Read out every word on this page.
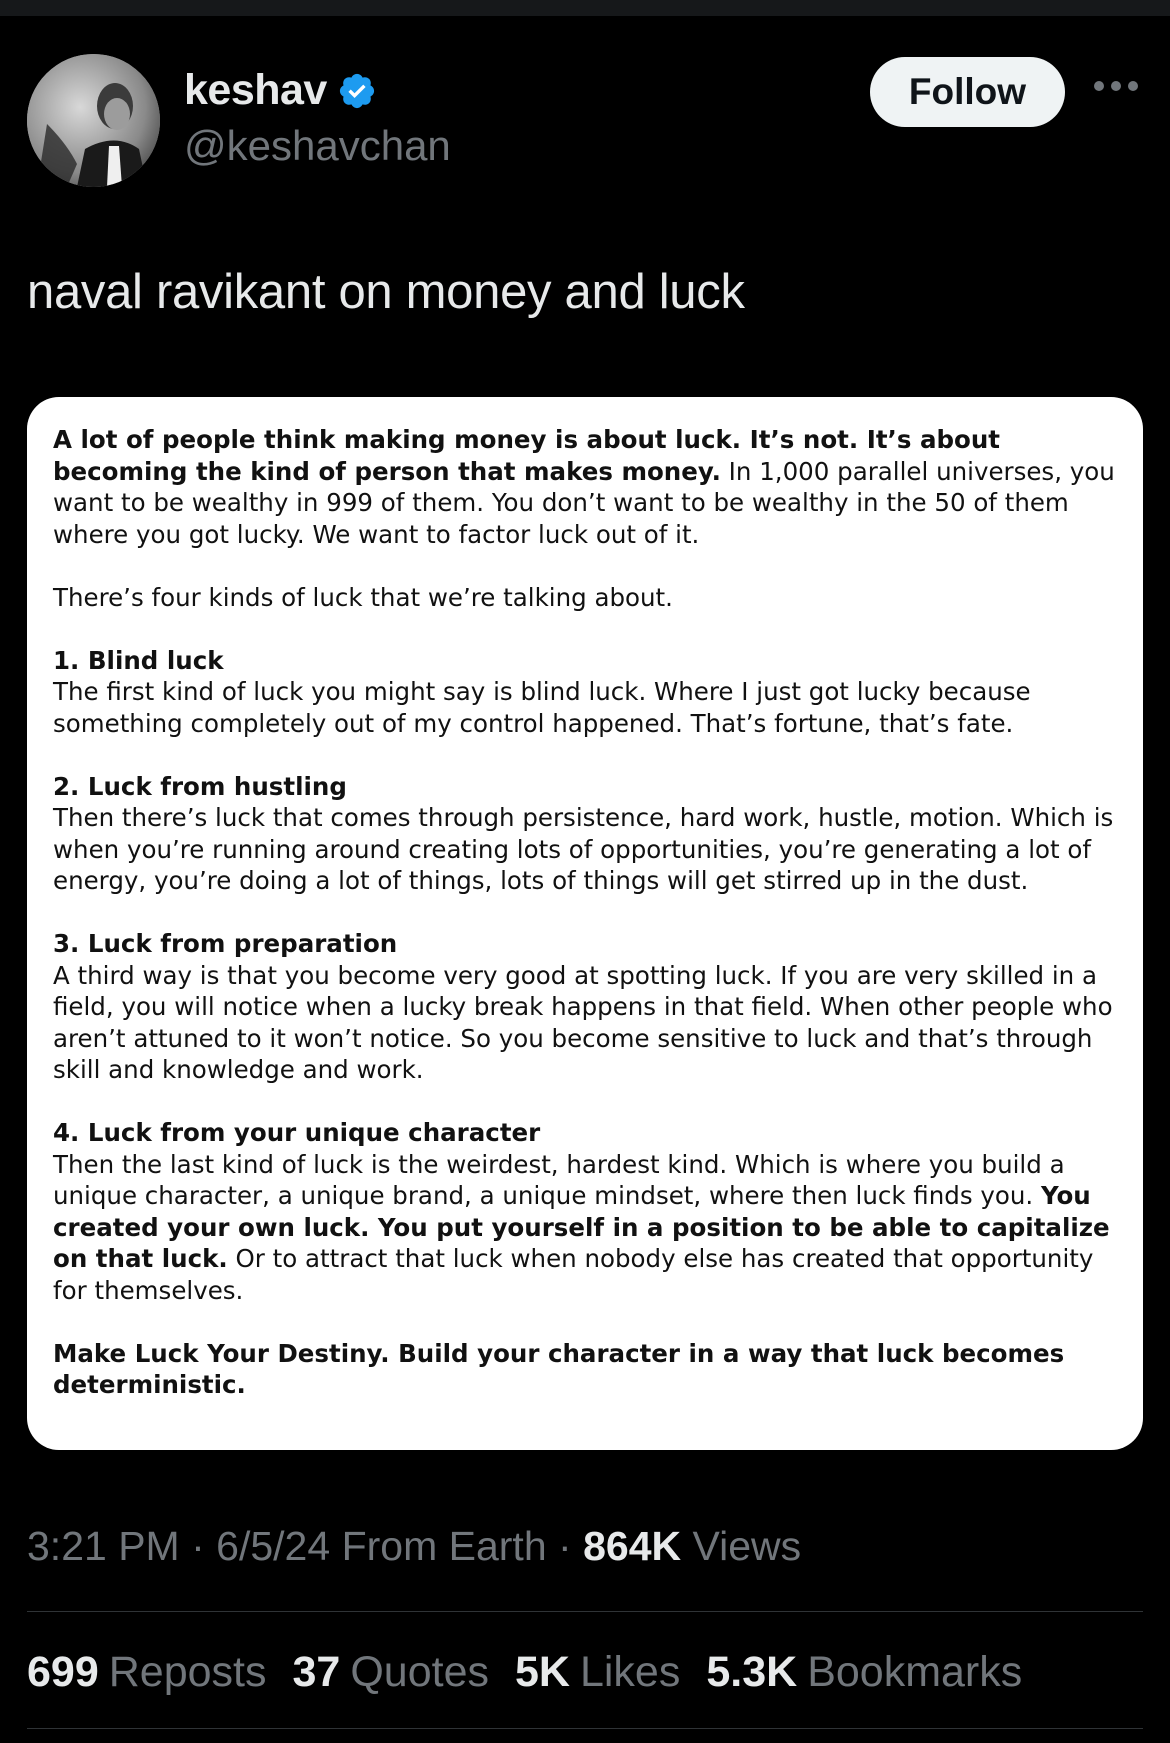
keshav
@keshavchan
Follow
naval ravikant on money and luck

A lot of people think making money is about luck. It’s not. It’s about becoming the kind of person that makes money. In 1,000 parallel universes, you want to be wealthy in 999 of them. You don’t want to be wealthy in the 50 of them where you got lucky. We want to factor luck out of it.

There’s four kinds of luck that we’re talking about.

1. Blind luck
The first kind of luck you might say is blind luck. Where I just got lucky because something completely out of my control happened. That’s fortune, that’s fate.

2. Luck from hustling
Then there’s luck that comes through persistence, hard work, hustle, motion. Which is when you’re running around creating lots of opportunities, you’re generating a lot of energy, you’re doing a lot of things, lots of things will get stirred up in the dust.

3. Luck from preparation
A third way is that you become very good at spotting luck. If you are very skilled in a field, you will notice when a lucky break happens in that field. When other people who aren’t attuned to it won’t notice. So you become sensitive to luck and that’s through skill and knowledge and work.

4. Luck from your unique character
Then the last kind of luck is the weirdest, hardest kind. Which is where you build a unique character, a unique brand, a unique mindset, where then luck finds you. You created your own luck. You put yourself in a position to be able to capitalize on that luck. Or to attract that luck when nobody else has created that opportunity for themselves.

Make Luck Your Destiny. Build your character in a way that luck becomes deterministic.

3:21 PM · 6/5/24 From Earth · 864K Views
699 Reposts 37 Quotes 5K Likes 5.3K Bookmarks
